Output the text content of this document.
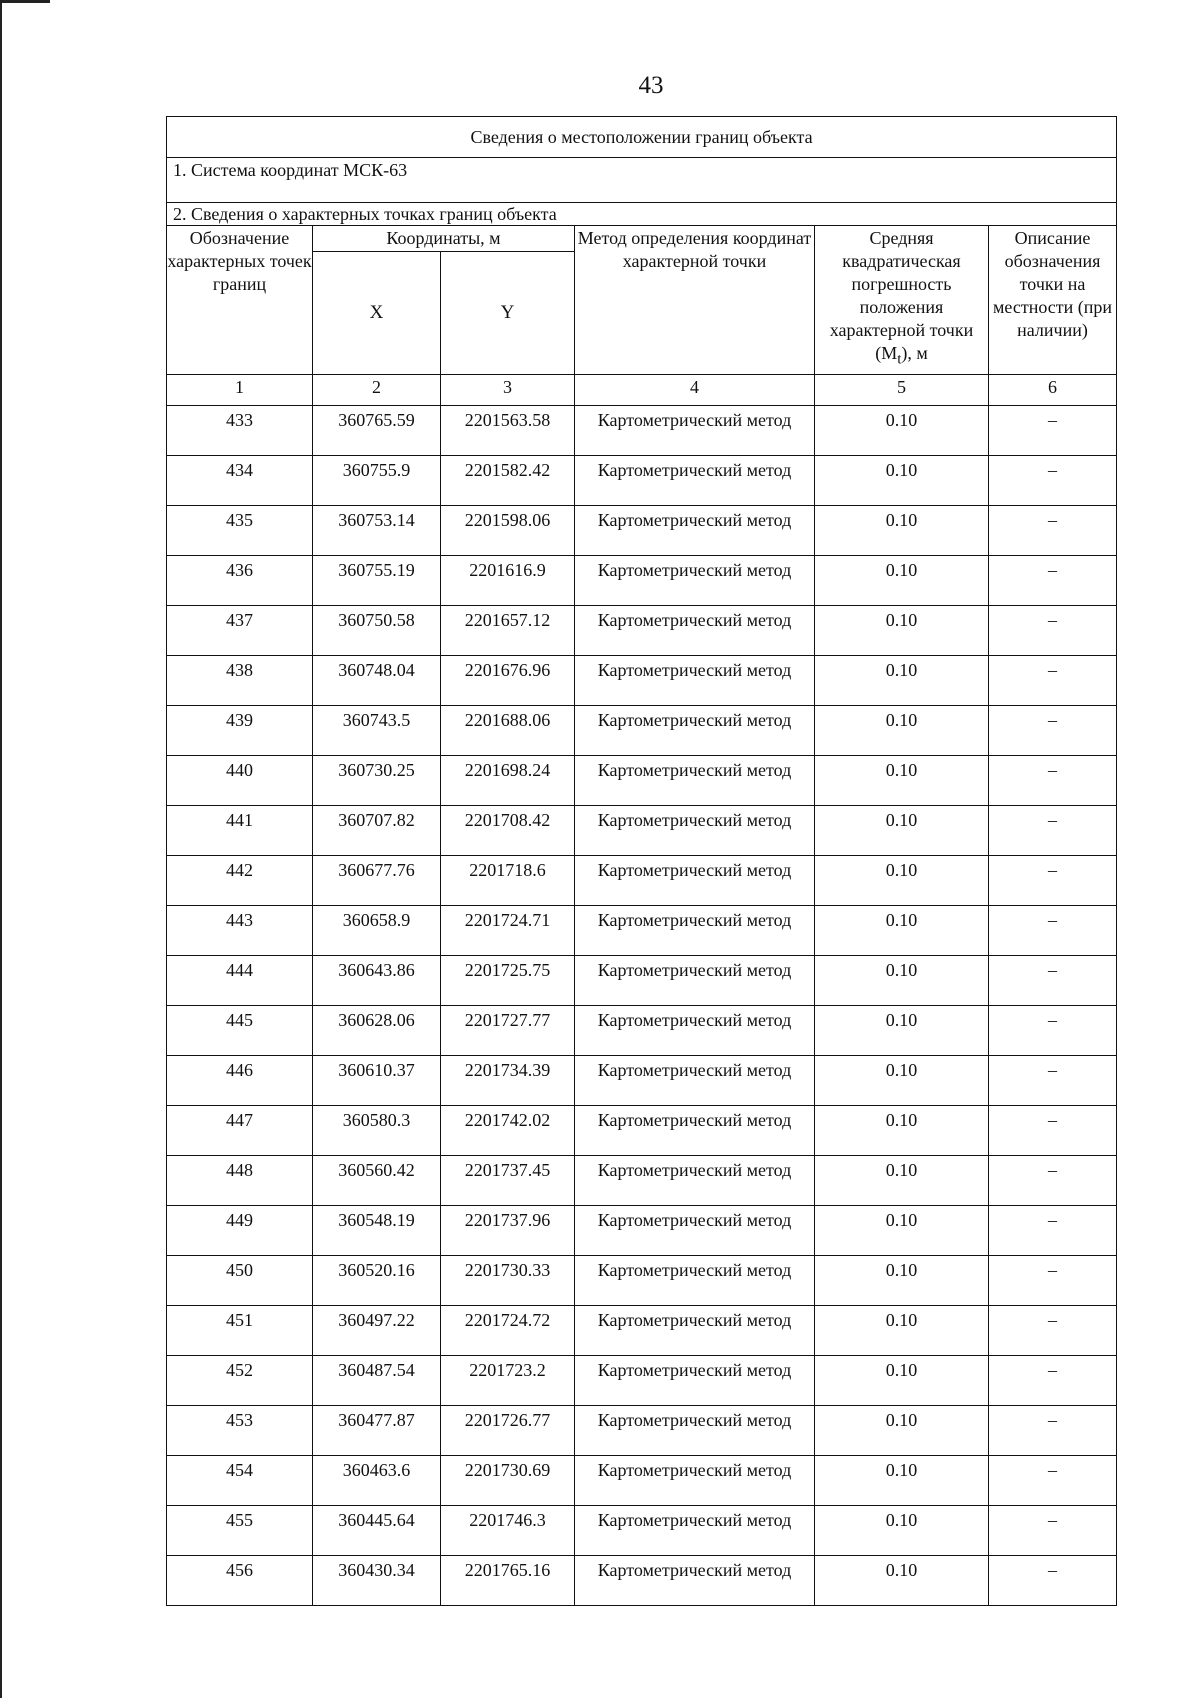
43
Сведения о местоположении границ объекта					
1. Система координат МСК-63					
2. Сведения о характерных точках границ объекта					
Обозначение характерных точек границ	Координаты, м		Метод определения координат характерной точки	Средняя квадратическая погрешность положения характерной точки $(M_t)$, м	Описание обозначения точки на местности (при наличии)
	X	Y			
1	2	3	4	5	6
433	360765.59	2201563.58	Картометрический метод	0.10	–
434	360755.9	2201582.42	Картометрический метод	0.10	–
435	360753.14	2201598.06	Картометрический метод	0.10	–
436	360755.19	2201616.9	Картометрический метод	0.10	–
437	360750.58	2201657.12	Картометрический метод	0.10	–
438	360748.04	2201676.96	Картометрический метод	0.10	–
439	360743.5	2201688.06	Картометрический метод	0.10	–
440	360730.25	2201698.24	Картометрический метод	0.10	–
441	360707.82	2201708.42	Картометрический метод	0.10	–
442	360677.76	2201718.6	Картометрический метод	0.10	–
443	360658.9	2201724.71	Картометрический метод	0.10	–
444	360643.86	2201725.75	Картометрический метод	0.10	–
445	360628.06	2201727.77	Картометрический метод	0.10	–
446	360610.37	2201734.39	Картометрический метод	0.10	–
447	360580.3	2201742.02	Картометрический метод	0.10	–
448	360560.42	2201737.45	Картометрический метод	0.10	–
449	360548.19	2201737.96	Картометрический метод	0.10	–
450	360520.16	2201730.33	Картометрический метод	0.10	–
451	360497.22	2201724.72	Картометрический метод	0.10	–
452	360487.54	2201723.2	Картометрический метод	0.10	–
453	360477.87	2201726.77	Картометрический метод	0.10	–
454	360463.6	2201730.69	Картометрический метод	0.10	–
455	360445.64	2201746.3	Картометрический метод	0.10	–
456	360430.34	2201765.16	Картометрический метод	0.10	–
